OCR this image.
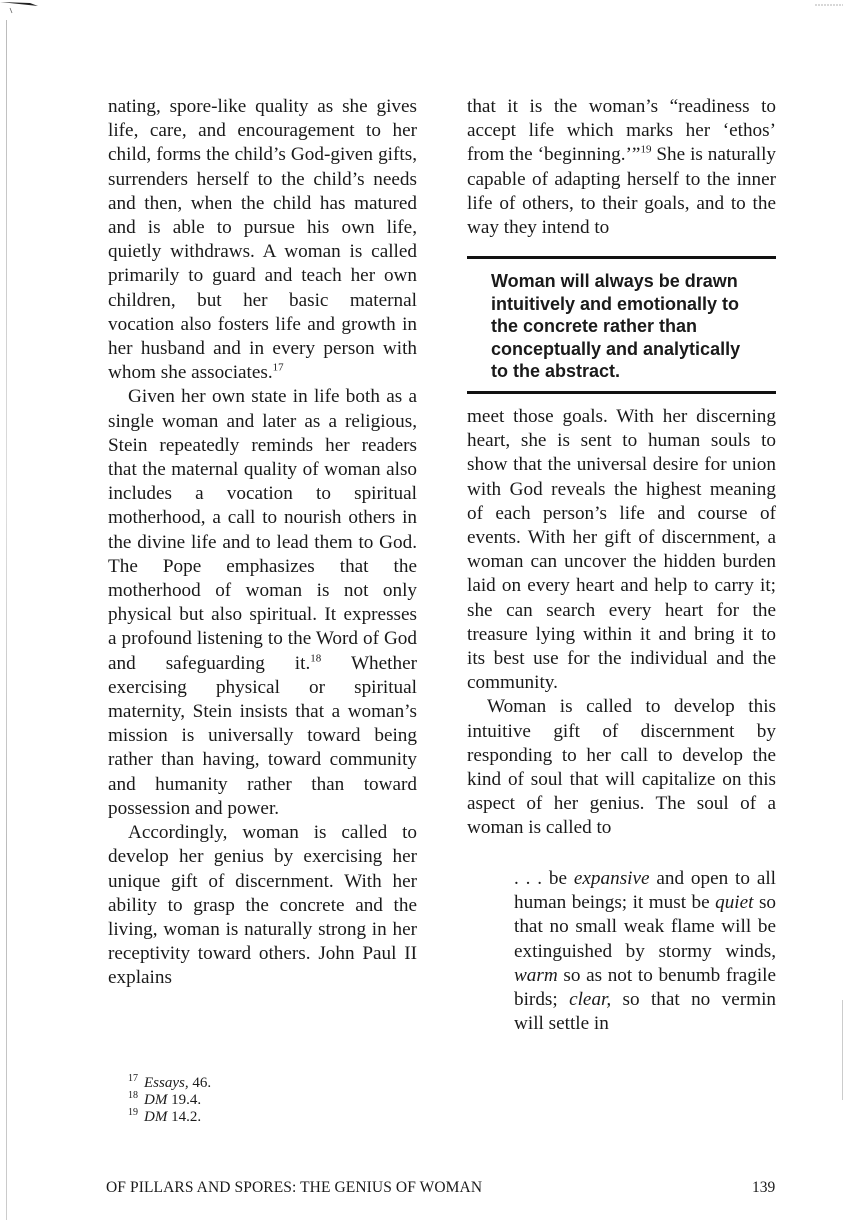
nating, spore-like quality as she gives life, care, and encouragement to her child, forms the child’s God-given gifts, surrenders herself to the child’s needs and then, when the child has matured and is able to pursue his own life, quietly withdraws. A woman is called primarily to guard and teach her own children, but her basic maternal vocation also fosters life and growth in her husband and in every person with whom she associates.$^{17}$

Given her own state in life both as a single woman and later as a religious, Stein repeatedly reminds her readers that the maternal quality of woman also includes a vocation to spiritual motherhood, a call to nourish others in the divine life and to lead them to God. The Pope emphasizes that the motherhood of woman is not only physical but also spiritual. It expresses a profound listening to the Word of God and safeguarding it.$^{18}$ Whether exercising physical or spiritual maternity, Stein insists that a woman’s mission is universally toward being rather than having, toward community and humanity rather than toward possession and power.

Accordingly, woman is called to develop her genius by exercising her unique gift of discernment. With her ability to grasp the concrete and the living, woman is naturally strong in her receptivity toward others. John Paul II explains

that it is the woman’s “readiness to accept life which marks her ‘ethos’ from the ‘beginning.’”$^{19}$ She is naturally capable of adapting herself to the inner life of others, to their goals, and to the way they intend to

Woman will always be drawn intuitively and emotionally to the concrete rather than conceptually and analytically to the abstract.

meet those goals. With her discerning heart, she is sent to human souls to show that the universal desire for union with God reveals the highest meaning of each person’s life and course of events. With her gift of discernment, a woman can uncover the hidden burden laid on every heart and help to carry it; she can search every heart for the treasure lying within it and bring it to its best use for the individual and the community.

Woman is called to develop this intuitive gift of discernment by responding to her call to develop the kind of soul that will capitalize on this aspect of her genius. The soul of a woman is called to

. . . be expansive and open to all human beings; it must be quiet so that no small weak flame will be extinguished by stormy winds, warm so as not to benumb fragile birds; clear, so that no vermin will settle in
$^{17}$ Essays, 46.
$^{18}$ DM 19.4.
$^{19}$ DM 14.2.
OF PILLARS AND SPORES: THE GENIUS OF WOMAN	139
